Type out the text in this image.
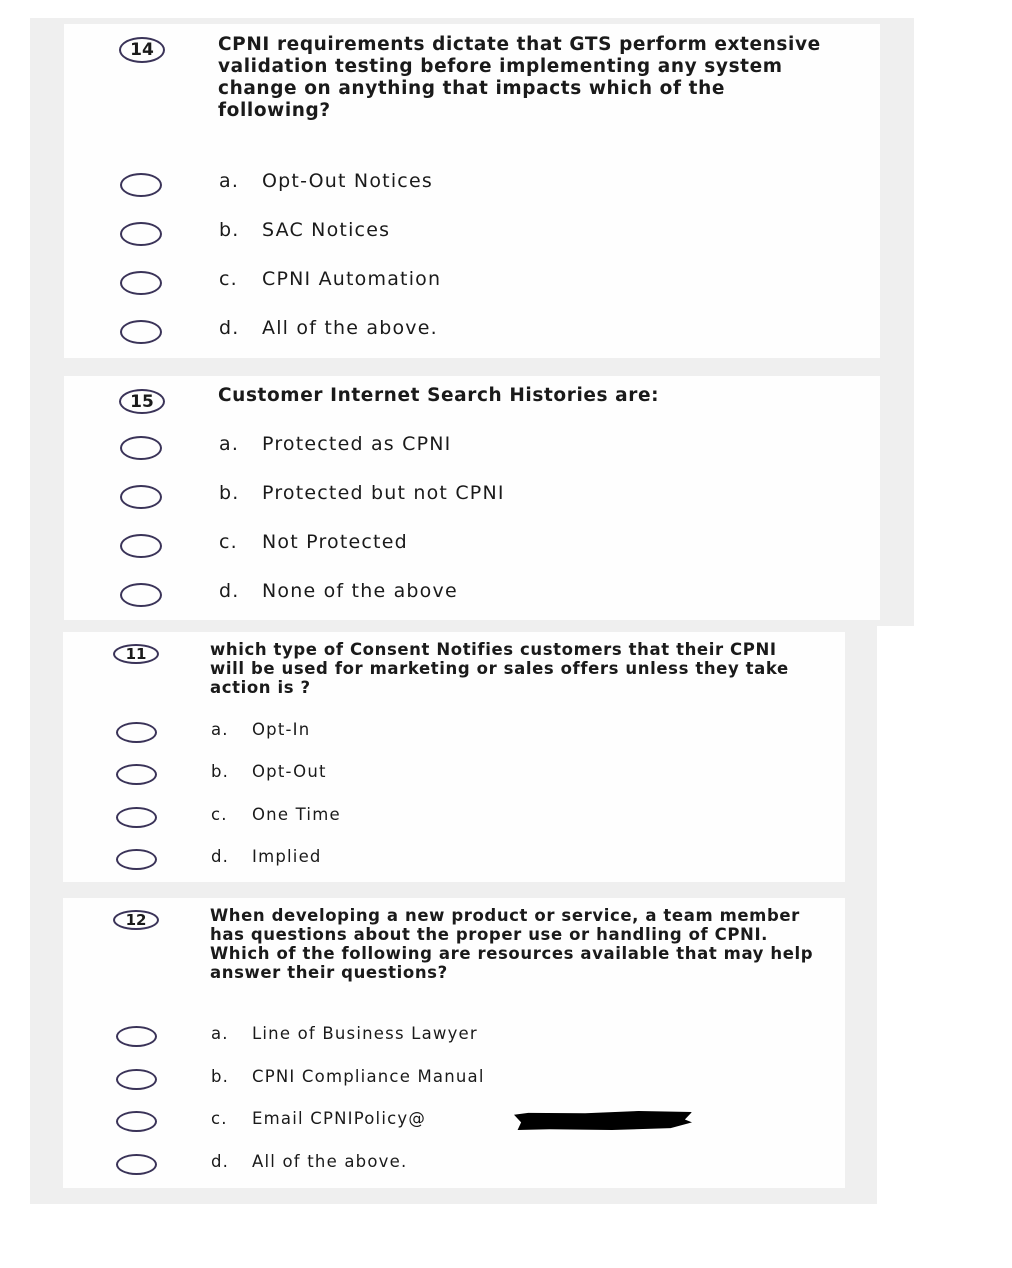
14	CPNI requirements dictate that GTS perform extensive validation testing before implementing any system change on anything that impacts which of the following?
a. Opt-Out Notices
b. SAC Notices
c. CPNI Automation
d. All of the above.
15	Customer Internet Search Histories are:
a. Protected as CPNI
b. Protected but not CPNI
c. Not Protected
d. None of the above
11	which type of Consent Notifies customers that their CPNI will be used for marketing or sales offers unless they take action is ?
a. Opt-In
b. Opt-Out
c. One Time
d. Implied
12	When developing a new product or service, a team member has questions about the proper use or handling of CPNI. Which of the following are resources available that may help answer their questions?
a. Line of Business Lawyer
b. CPNI Compliance Manual
c. Email CPNIPolicy@
d. All of the above.
